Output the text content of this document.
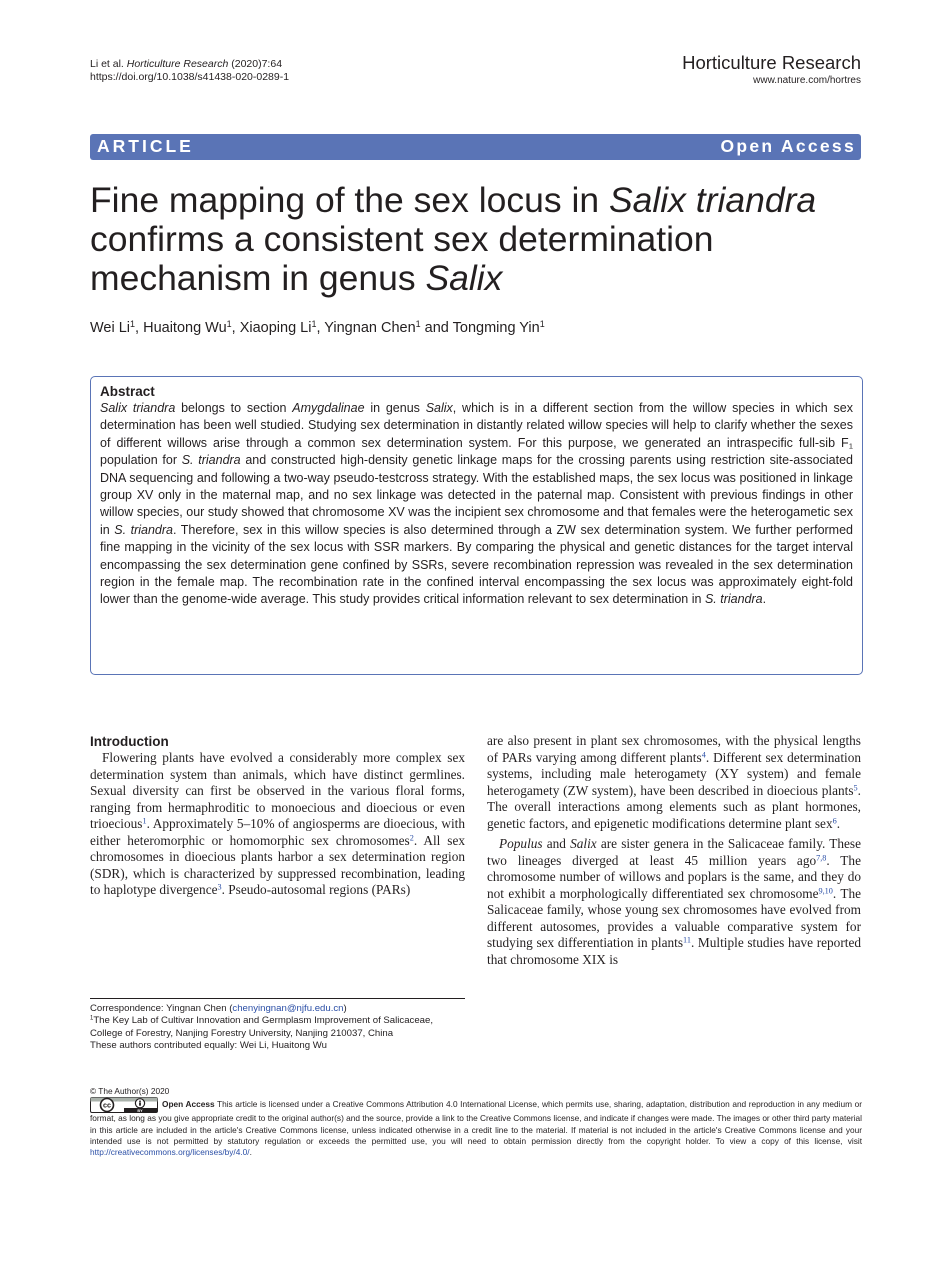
Li et al. Horticulture Research (2020)7:64
https://doi.org/10.1038/s41438-020-0289-1
Horticulture Research
www.nature.com/hortres
ARTICLE	Open Access
Fine mapping of the sex locus in Salix triandra
confirms a consistent sex determination mechanism in genus Salix
Wei Li$^1$, Huaitong Wu$^1$, Xiaoping Li$^1$, Yingnan Chen$^1$ and Tongming Yin$^1$
Abstract
Salix triandra belongs to section Amygdalinae in genus Salix, which is in a different section from the willow species in which sex determination has been well studied. Studying sex determination in distantly related willow species will help to clarify whether the sexes of different willows arise through a common sex determination system. For this purpose, we generated an intraspecific full-sib $F_1$ population for S. triandra and constructed high-density genetic linkage maps for the crossing parents using restriction site-associated DNA sequencing and following a two-way pseudo-testcross strategy. With the established maps, the sex locus was positioned in linkage group XV only in the maternal map, and no sex linkage was detected in the paternal map. Consistent with previous findings in other willow species, our study showed that chromosome XV was the incipient sex chromosome and that females were the heterogametic sex in S. triandra. Therefore, sex in this willow species is also determined through a ZW sex determination system. We further performed fine mapping in the vicinity of the sex locus with SSR markers. By comparing the physical and genetic distances for the target interval encompassing the sex determination gene confined by SSRs, severe recombination repression was revealed in the sex determination region in the female map. The recombination rate in the confined interval encompassing the sex locus was approximately eight-fold lower than the genome-wide average. This study provides critical information relevant to sex determination in S. triandra.
Introduction

Flowering plants have evolved a considerably more complex sex determination system than animals, which have distinct germlines. Sexual diversity can first be observed in the various floral forms, ranging from hermaphroditic to monoecious and dioecious or even trioecious$^1$. Approximately 5–10% of angiosperms are dioecious, with either heteromorphic or homomorphic sex chromosomes$^2$. All sex chromosomes in dioecious plants harbor a sex determination region (SDR), which is characterized by suppressed recombination, leading to haplotype divergence$^3$. Pseudo-autosomal regions (PARs)

are also present in plant sex chromosomes, with the physical lengths of PARs varying among different plants$^4$. Different sex determination systems, including male heterogamety (XY system) and female heterogamety (ZW system), have been described in dioecious plants$^5$. The overall interactions among elements such as plant hormones, genetic factors, and epigenetic modifications determine plant sex$^6$.

Populus and Salix are sister genera in the Salicaceae family. These two lineages diverged at least 45 million years ago$^{7,8}$. The chromosome number of willows and poplars is the same, and they do not exhibit a morphologically differentiated sex chromosome$^{9,10}$. The Salicaceae family, whose young sex chromosomes have evolved from different autosomes, provides a valuable comparative system for studying sex differentiation in plants$^{11}$. Multiple studies have reported that chromosome XIX is

Correspondence: Yingnan Chen (chenyingnan@njfu.edu.cn)
$^1$The Key Lab of Cultivar Innovation and Germplasm Improvement of Salicaceae, College of Forestry, Nanjing Forestry University, Nanjing 210037, China
These authors contributed equally: Wei Li, Huaitong Wu
© The Author(s) 2020
cc
BY
Open Access This article is licensed under a Creative Commons Attribution 4.0 International License, which permits use, sharing, adaptation, distribution and reproduction in any medium or format, as long as you give appropriate credit to the original author(s) and the source, provide a link to the Creative Commons license, and indicate if changes were made. The images or other third party material in this article are included in the article's Creative Commons license, unless indicated otherwise in a credit line to the material. If material is not included in the article's Creative Commons license and your intended use is not permitted by statutory regulation or exceeds the permitted use, you will need to obtain permission directly from the copyright holder. To view a copy of this license, visit http://creativecommons.org/licenses/by/4.0/.
